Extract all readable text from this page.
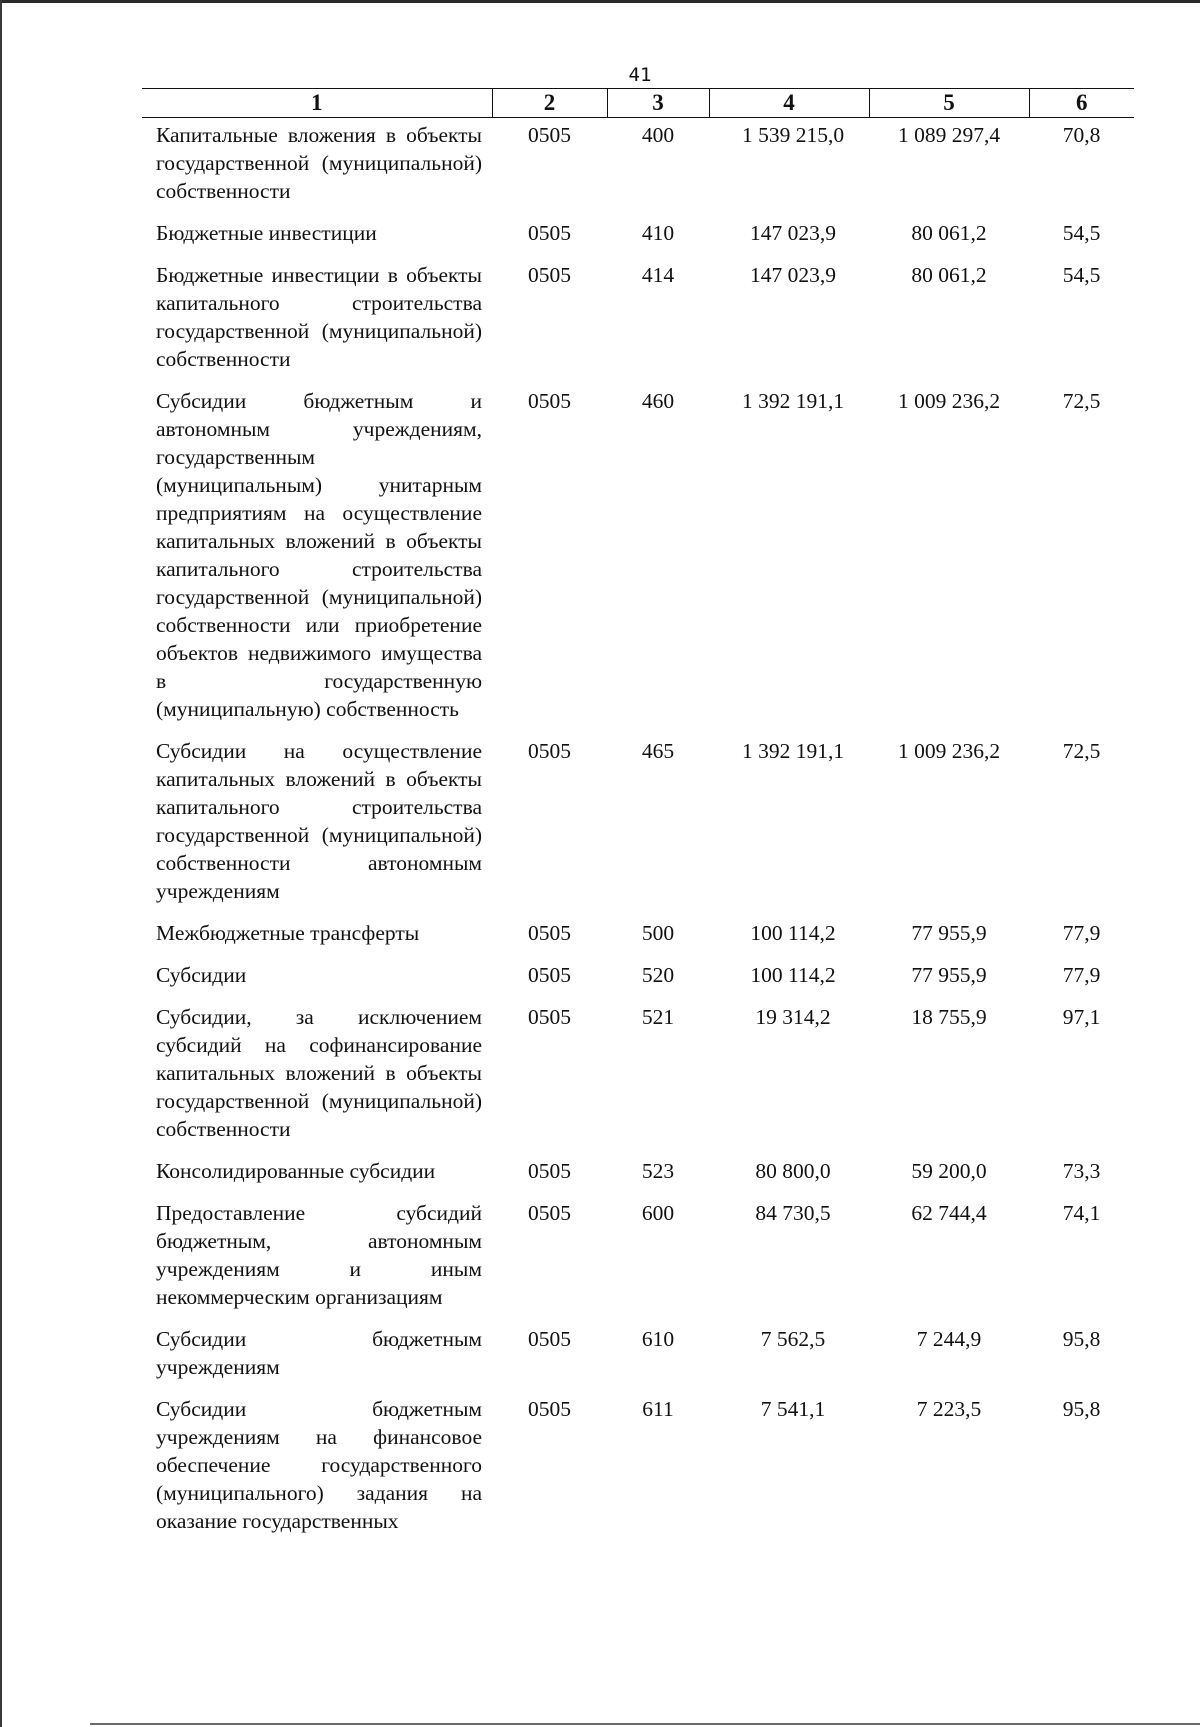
41
1	2	3	4	5	6
Капитальные вложения в объекты государственной (муниципальной) собственности	0505	400	1 539 215,0	1 089 297,4	70,8
Бюджетные инвестиции	0505	410	147 023,9	80 061,2	54,5
Бюджетные инвестиции в объекты капитального строительства государственной (муниципальной) собственности	0505	414	147 023,9	80 061,2	54,5
Субсидии бюджетным и автономным учреждениям, государственным (муниципальным) унитарным предприятиям на осуществление капитальных вложений в объекты капитального строительства государственной (муниципальной) собственности или приобретение объектов недвижимого имущества в государственную (муниципальную) собственность	0505	460	1 392 191,1	1 009 236,2	72,5
Субсидии на осуществление капитальных вложений в объекты капитального строительства государственной (муниципальной) собственности автономным учреждениям	0505	465	1 392 191,1	1 009 236,2	72,5
Межбюджетные трансферты	0505	500	100 114,2	77 955,9	77,9
Субсидии	0505	520	100 114,2	77 955,9	77,9
Субсидии, за исключением субсидий на софинансирование капитальных вложений в объекты государственной (муниципальной) собственности	0505	521	19 314,2	18 755,9	97,1
Консолидированные субсидии	0505	523	80 800,0	59 200,0	73,3
Предоставление субсидий бюджетным, автономным учреждениям и иным некоммерческим организациям	0505	600	84 730,5	62 744,4	74,1
Субсидии бюджетным учреждениям	0505	610	7 562,5	7 244,9	95,8
Субсидии бюджетным учреждениям на финансовое обеспечение государственного (муниципального) задания на оказание государственных	0505	611	7 541,1	7 223,5	95,8
